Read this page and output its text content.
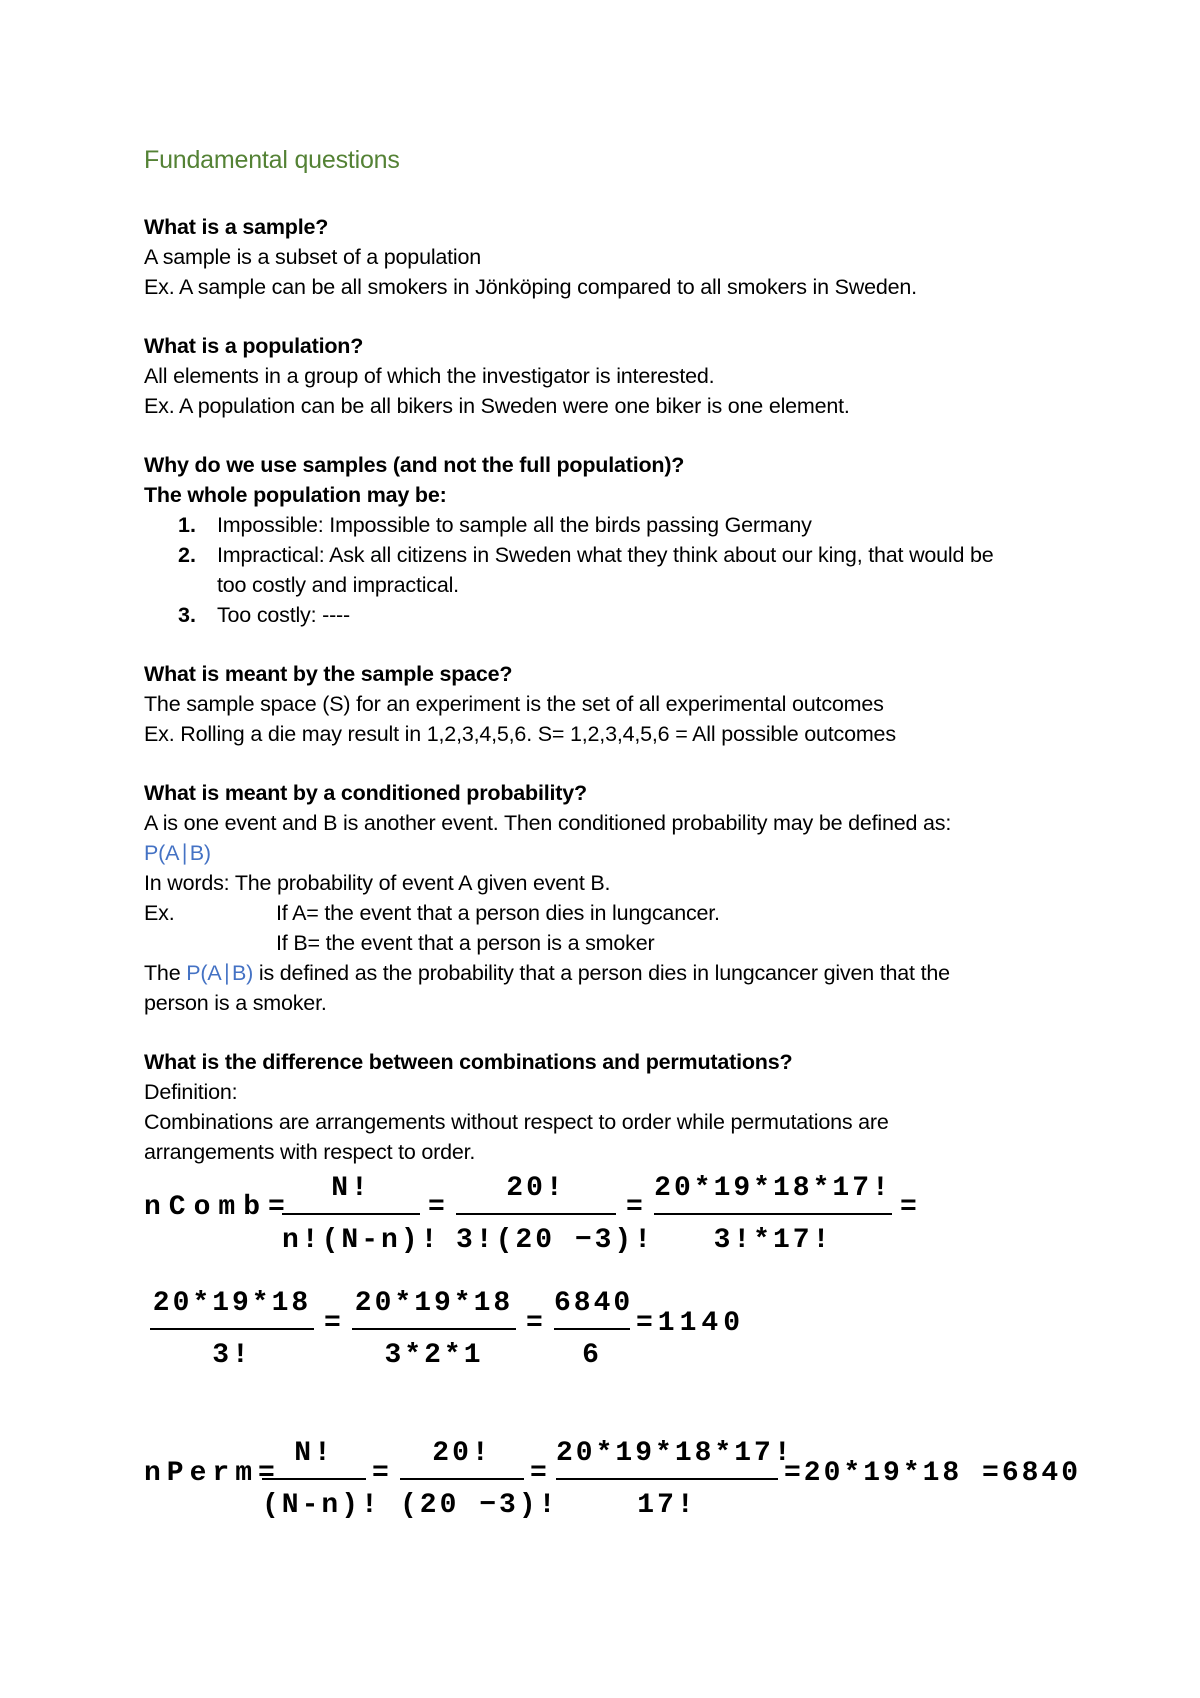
Fundamental questions
What is a sample?
A sample is a subset of a population
Ex. A sample can be all smokers in Jönköping compared to all smokers in Sweden.
What is a population?
All elements in a group of which the investigator is interested.
Ex. A population can be all bikers in Sweden were one biker is one element.
Why do we use samples (and not the full population)?
The whole population may be:
1. Impossible: Impossible to sample all the birds passing Germany
2. Impractical: Ask all citizens in Sweden what they think about our king, that would be
too costly and impractical.
3. Too costly: ----
What is meant by the sample space?
The sample space (S) for an experiment is the set of all experimental outcomes
Ex. Rolling a die may result in 1,2,3,4,5,6. S= 1,2,3,4,5,6 = All possible outcomes
What is meant by a conditioned probability?
A is one event and B is another event. Then conditioned probability may be defined as:
P(A∣B)
In words: The probability of event A given event B.
Ex.	If A= the event that a person dies in lungcancer.
If B= the event that a person is a smoker
The P(A∣B) is defined as the probability that a person dies in lungcancer given that the
person is a smoker.
What is the difference between combinations and permutations?
Definition:
Combinations are arrangements without respect to order while permutations are
arrangements with respect to order.
nComb=
N!
n!(N-n)!
=
20!
3!(20 −3)!
=
20*19*18*17!
3!*17!
=
20*19*18
3!
=
20*19*18
3*2*1
=
6840
6
=1140
nPerm=
N!
(N-n)!
=
20!
(20 −3)!
=
20*19*18*17!
17!
=20*19*18 =6840
